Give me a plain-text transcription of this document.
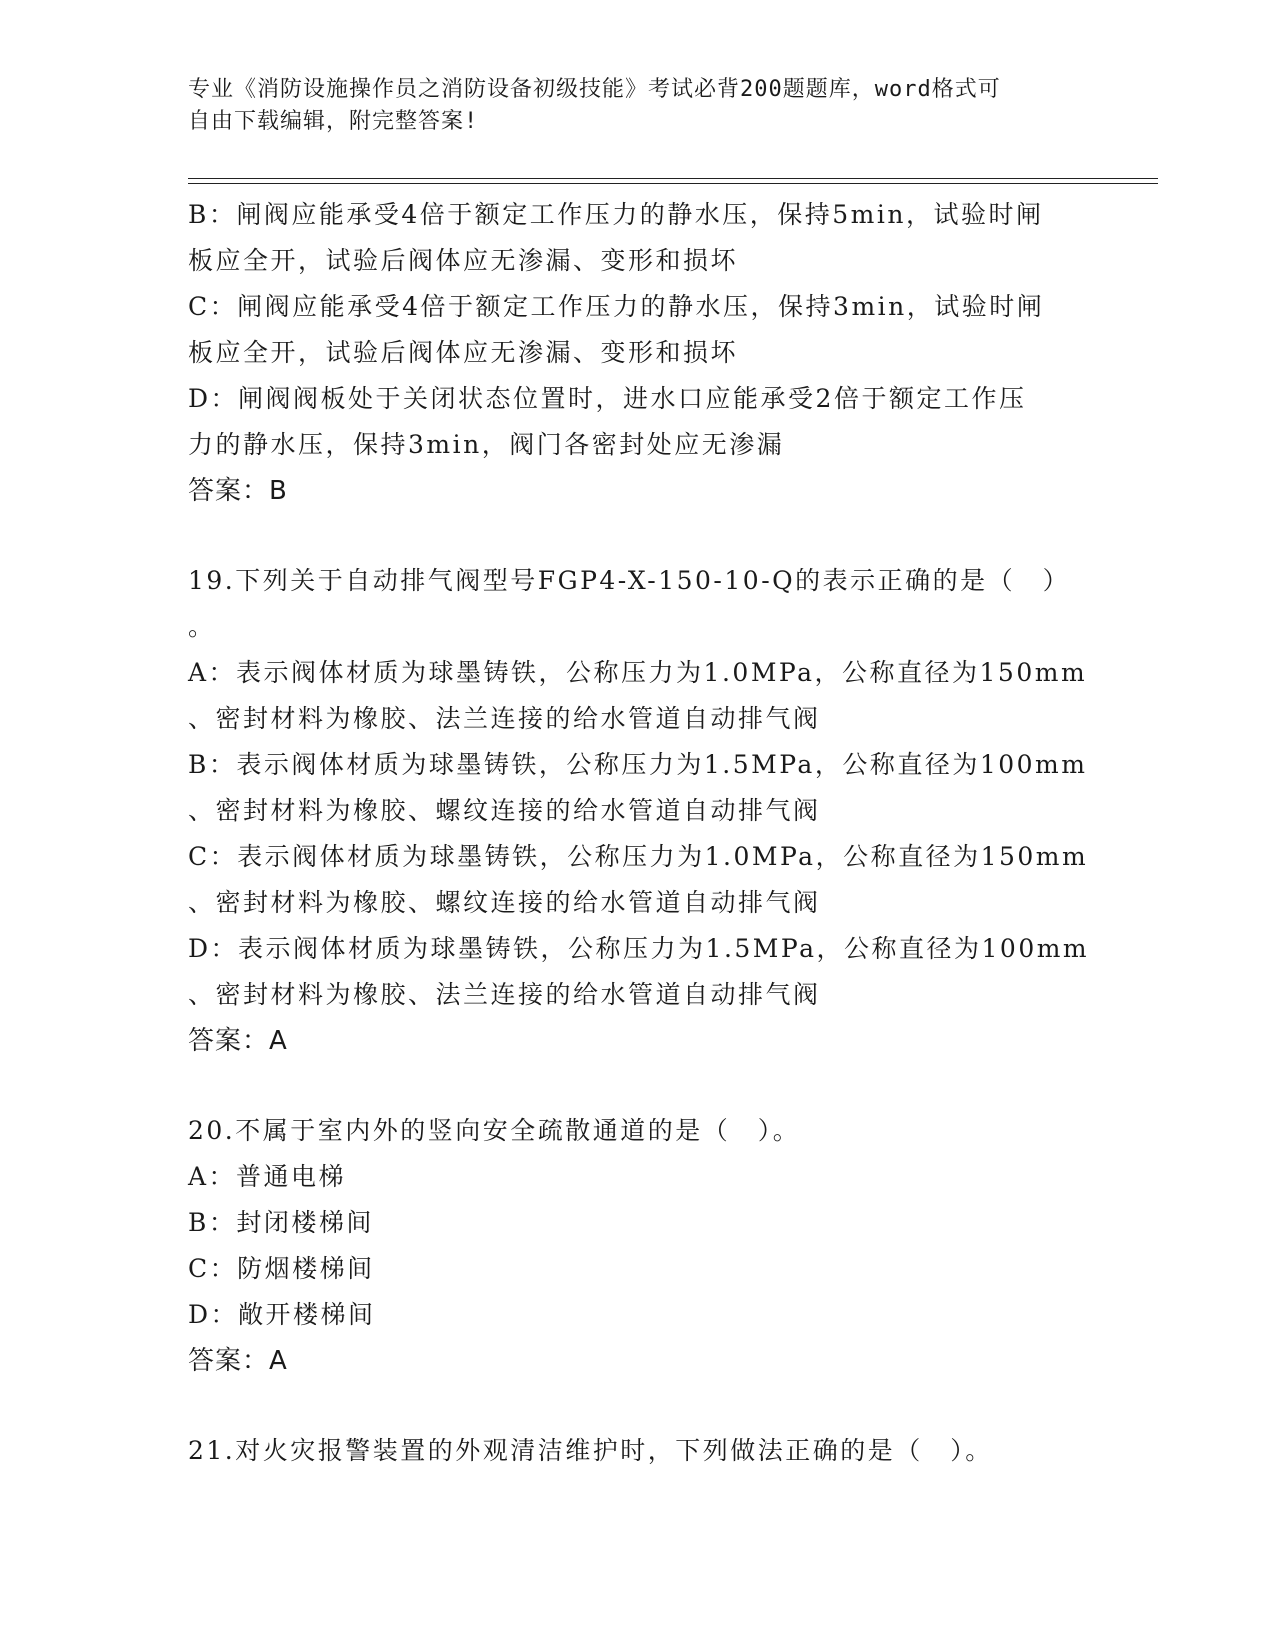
专业《消防设施操作员之消防设备初级技能》考试必背200题题库，word格式可
自由下载编辑，附完整答案!
B：闸阀应能承受4倍于额定工作压力的静水压，保持5min，试验时闸
板应全开，试验后阀体应无渗漏、变形和损坏
C：闸阀应能承受4倍于额定工作压力的静水压，保持3min，试验时闸
板应全开，试验后阀体应无渗漏、变形和损坏
D：闸阀阀板处于关闭状态位置时，进水口应能承受2倍于额定工作压
力的静水压，保持3min，阀门各密封处应无渗漏
答案：B
19.下列关于自动排气阀型号FGP4-X-150-10-Q的表示正确的是（　）
。
A：表示阀体材质为球墨铸铁，公称压力为1.0MPa，公称直径为150mm
、密封材料为橡胶、法兰连接的给水管道自动排气阀
B：表示阀体材质为球墨铸铁，公称压力为1.5MPa，公称直径为100mm
、密封材料为橡胶、螺纹连接的给水管道自动排气阀
C：表示阀体材质为球墨铸铁，公称压力为1.0MPa，公称直径为150mm
、密封材料为橡胶、螺纹连接的给水管道自动排气阀
D：表示阀体材质为球墨铸铁，公称压力为1.5MPa，公称直径为100mm
、密封材料为橡胶、法兰连接的给水管道自动排气阀
答案：A
20.不属于室内外的竖向安全疏散通道的是（　）。
A：普通电梯
B：封闭楼梯间
C：防烟楼梯间
D：敞开楼梯间
答案：A
21.对火灾报警装置的外观清洁维护时，下列做法正确的是（　）。
